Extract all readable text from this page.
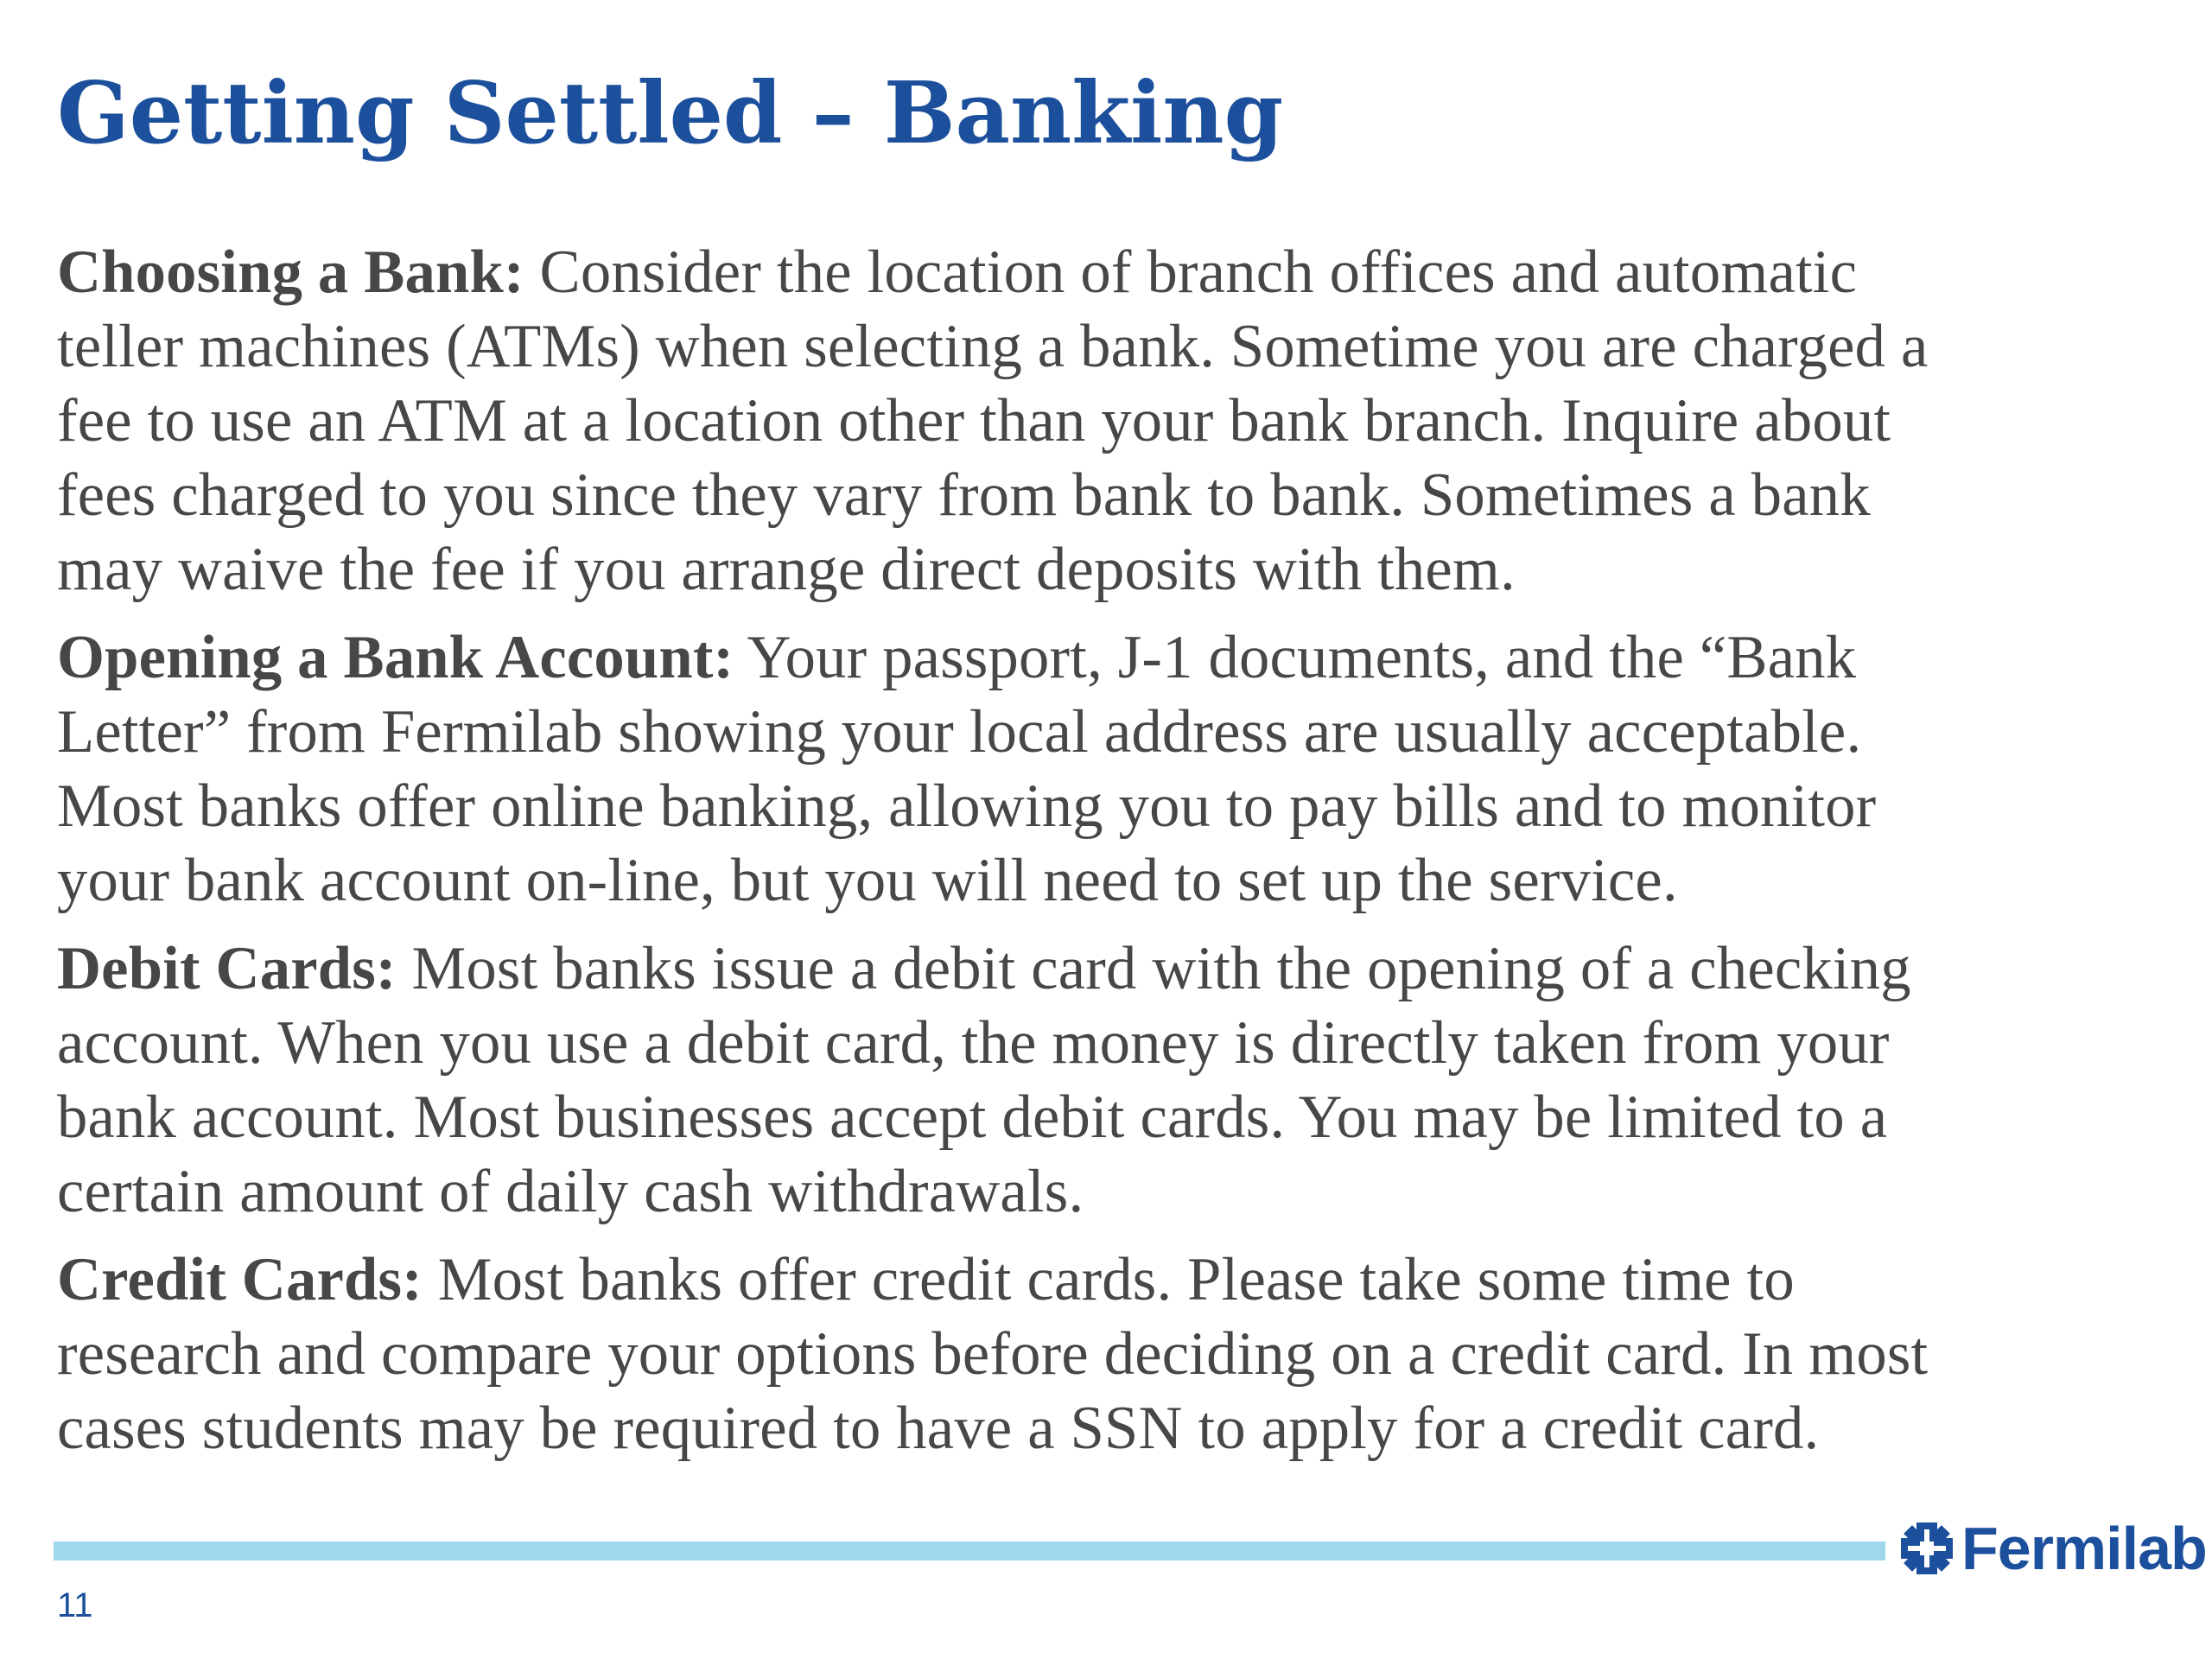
Getting Settled – Banking

Choosing a Bank: Consider the location of branch offices and automatic
teller machines (ATMs) when selecting a bank. Sometime you are charged a
fee to use an ATM at a location other than your bank branch. Inquire about
fees charged to you since they vary from bank to bank. Sometimes a bank
may waive the fee if you arrange direct deposits with them.

Opening a Bank Account: Your passport, J-1 documents, and the “Bank
Letter” from Fermilab showing your local address are usually acceptable.
Most banks offer online banking, allowing you to pay bills and to monitor
your bank account on-line, but you will need to set up the service.

Debit Cards: Most banks issue a debit card with the opening of a checking
account. When you use a debit card, the money is directly taken from your
bank account. Most businesses accept debit cards. You may be limited to a
certain amount of daily cash withdrawals.

Credit Cards: Most banks offer credit cards. Please take some time to
research and compare your options before deciding on a credit card. In most
cases students may be required to have a SSN to apply for a credit card.

Fermilab
11
